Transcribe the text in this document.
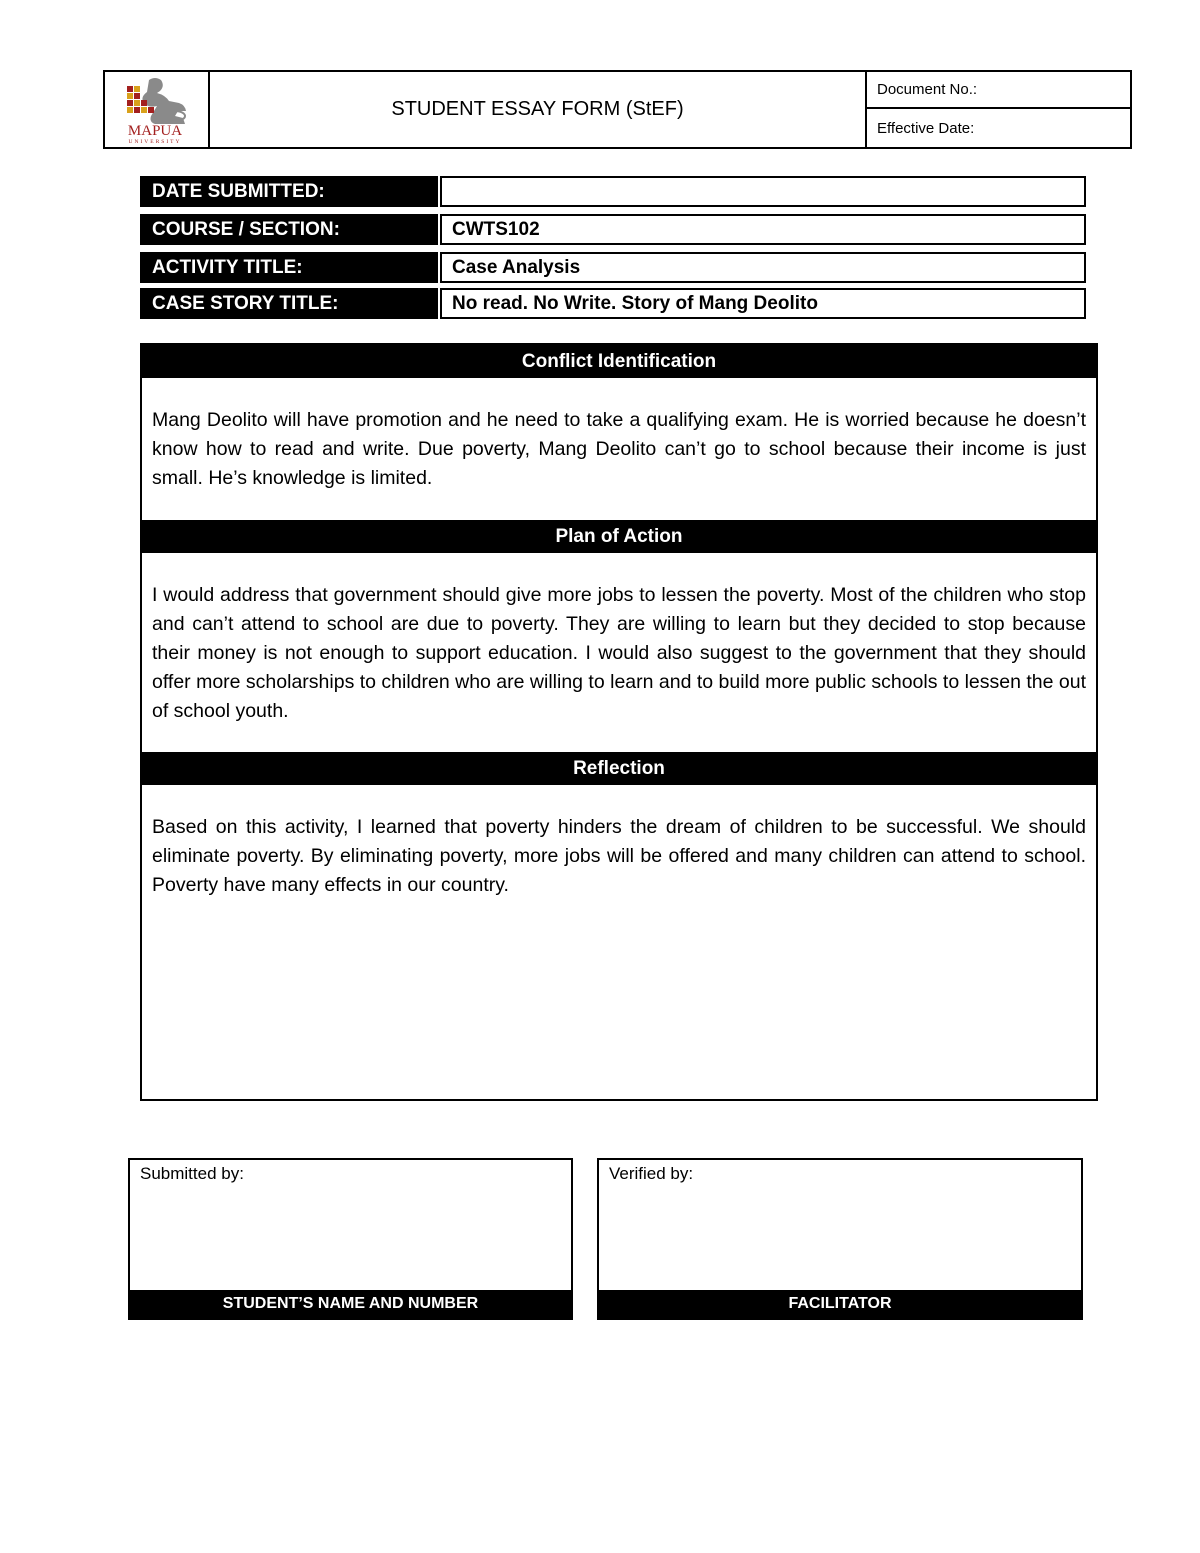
MAPUA
UNIVERSITY
STUDENT ESSAY FORM (StEF)
Document No.:
Effective Date:
DATE SUBMITTED:
COURSE / SECTION:	CWTS102
ACTIVITY TITLE:	Case Analysis
CASE STORY TITLE:	No read. No Write. Story of Mang Deolito
Conflict Identification
Mang Deolito will have promotion and he need to take a qualifying exam. He is worried because he doesn’t know how to read and write. Due poverty, Mang Deolito can’t go to school because their income is just small. He’s knowledge is limited.
Plan of Action
I would address that government should give more jobs to lessen the poverty. Most of the children who stop and can’t attend to school are due to poverty. They are willing to learn but they decided to stop because their money is not enough to support education. I would also suggest to the government that they should offer more scholarships to children who are willing to learn and to build more public schools to lessen the out of school youth.
Reflection
Based on this activity, I learned that poverty hinders the dream of children to be successful. We should eliminate poverty. By eliminating poverty, more jobs will be offered and many children can attend to school. Poverty have many effects in our country.
Submitted by:
STUDENT’S NAME AND NUMBER
Verified by:
FACILITATOR
